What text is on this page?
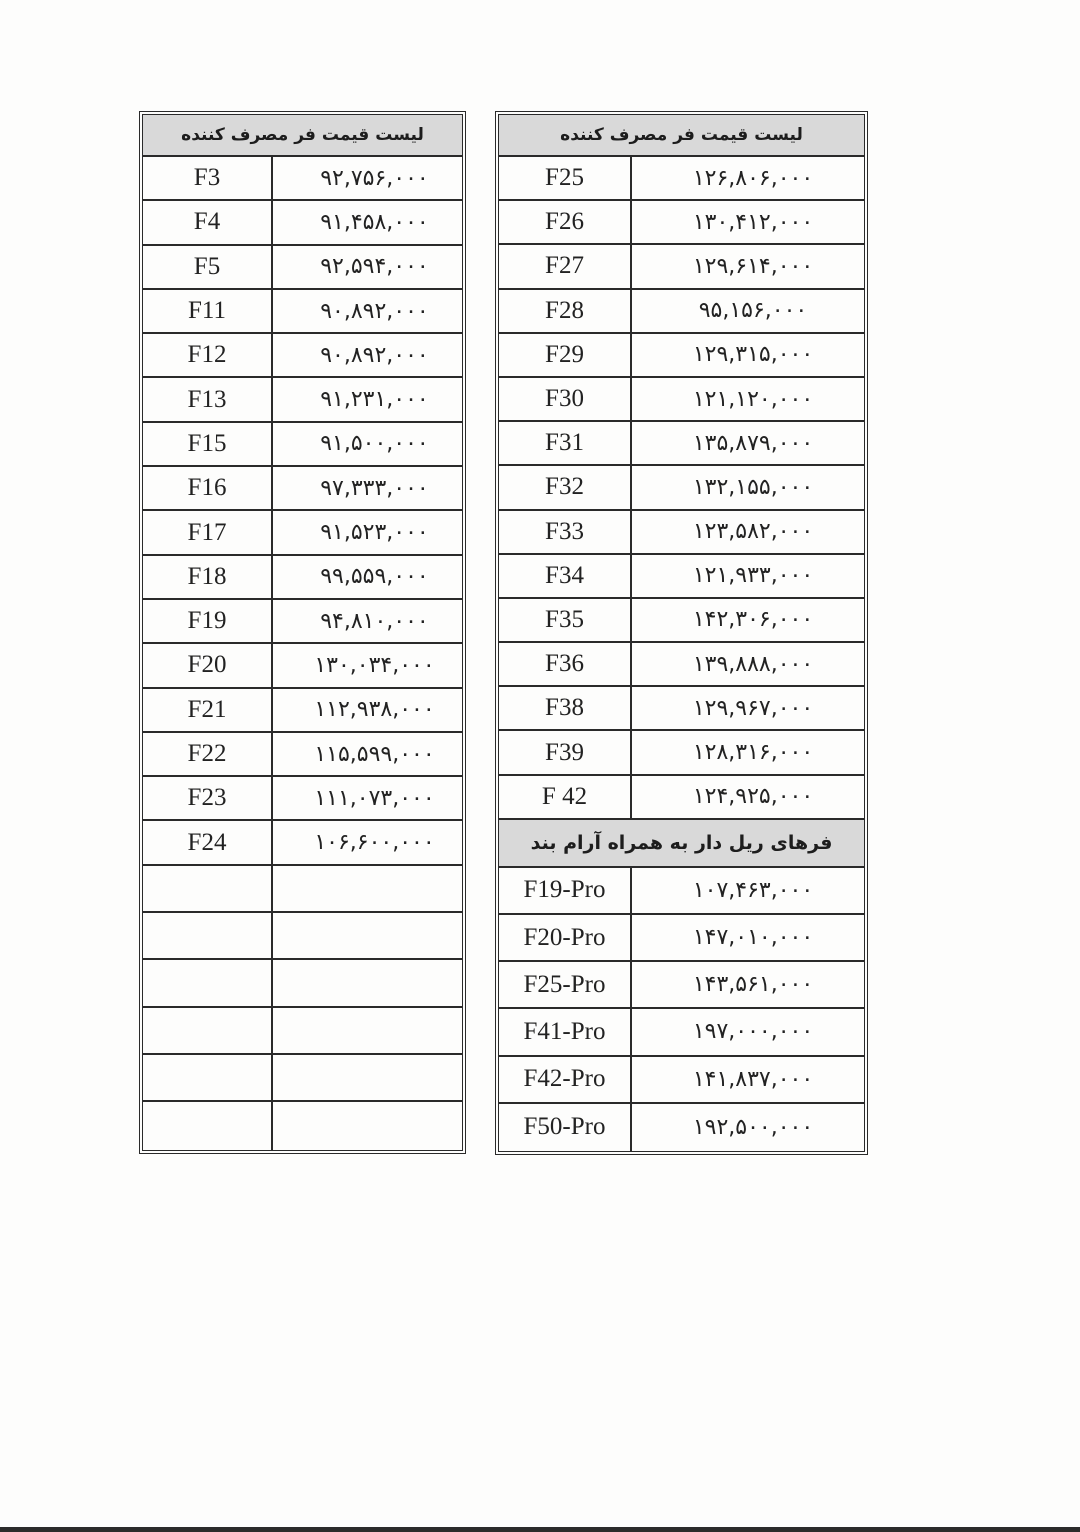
لیست قیمت فر مصرف کننده	
F3	۹۲,۷۵۶,۰۰۰
F4	۹۱,۴۵۸,۰۰۰
F5	۹۲,۵۹۴,۰۰۰
F11	۹۰,۸۹۲,۰۰۰
F12	۹۰,۸۹۲,۰۰۰
F13	۹۱,۲۳۱,۰۰۰
F15	۹۱,۵۰۰,۰۰۰
F16	۹۷,۳۳۳,۰۰۰
F17	۹۱,۵۲۳,۰۰۰
F18	۹۹,۵۵۹,۰۰۰
F19	۹۴,۸۱۰,۰۰۰
F20	۱۳۰,۰۳۴,۰۰۰
F21	۱۱۲,۹۳۸,۰۰۰
F22	۱۱۵,۵۹۹,۰۰۰
F23	۱۱۱,۰۷۳,۰۰۰
F24	۱۰۶,۶۰۰,۰۰۰

لیست قیمت فر مصرف کننده	
F25	۱۲۶,۸۰۶,۰۰۰
F26	۱۳۰,۴۱۲,۰۰۰
F27	۱۲۹,۶۱۴,۰۰۰
F28	۹۵,۱۵۶,۰۰۰
F29	۱۲۹,۳۱۵,۰۰۰
F30	۱۲۱,۱۲۰,۰۰۰
F31	۱۳۵,۸۷۹,۰۰۰
F32	۱۳۲,۱۵۵,۰۰۰
F33	۱۲۳,۵۸۲,۰۰۰
F34	۱۲۱,۹۳۳,۰۰۰
F35	۱۴۲,۳۰۶,۰۰۰
F36	۱۳۹,۸۸۸,۰۰۰
F38	۱۲۹,۹۶۷,۰۰۰
F39	۱۲۸,۳۱۶,۰۰۰
F 42	۱۲۴,۹۲۵,۰۰۰
فرهای ریل دار به همراه آرام بند	
F19-Pro	۱۰۷,۴۶۳,۰۰۰
F20-Pro	۱۴۷,۰۱۰,۰۰۰
F25-Pro	۱۴۳,۵۶۱,۰۰۰
F41-Pro	۱۹۷,۰۰۰,۰۰۰
F42-Pro	۱۴۱,۸۳۷,۰۰۰
F50-Pro	۱۹۲,۵۰۰,۰۰۰
